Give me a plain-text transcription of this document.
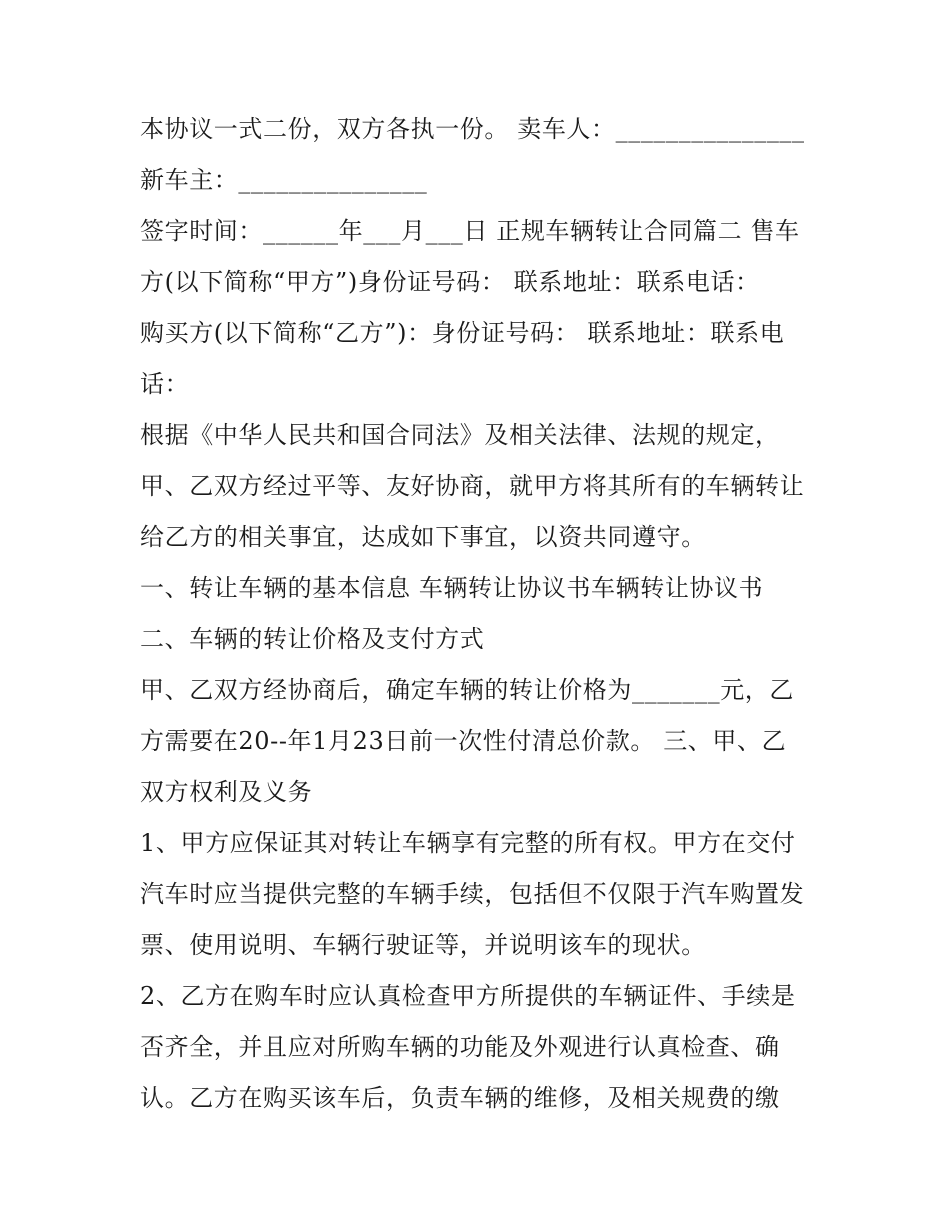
本协议一式二份，双方各执一份。 卖车人：_______________
新车主：_______________
签字时间：______年___月___日 正规车辆转让合同篇二 售车
方(以下简称“甲方”)身份证号码： 联系地址：联系电话：
购买方(以下简称“乙方”)：身份证号码： 联系地址：联系电
话：
根据《中华人民共和国合同法》及相关法律、法规的规定，
甲、乙双方经过平等、友好协商，就甲方将其所有的车辆转让
给乙方的相关事宜，达成如下事宜，以资共同遵守。
一、转让车辆的基本信息 车辆转让协议书车辆转让协议书
二、车辆的转让价格及支付方式
甲、乙双方经协商后，确定车辆的转让价格为_______元，乙
方需要在20--年1月23日前一次性付清总价款。 三、甲、乙
双方权利及义务
1、甲方应保证其对转让车辆享有完整的所有权。甲方在交付
汽车时应当提供完整的车辆手续，包括但不仅限于汽车购置发
票、使用说明、车辆行驶证等，并说明该车的现状。
2、乙方在购车时应认真检查甲方所提供的车辆证件、手续是
否齐全，并且应对所购车辆的功能及外观进行认真检查、确
认。乙方在购买该车后，负责车辆的维修，及相关规费的缴
